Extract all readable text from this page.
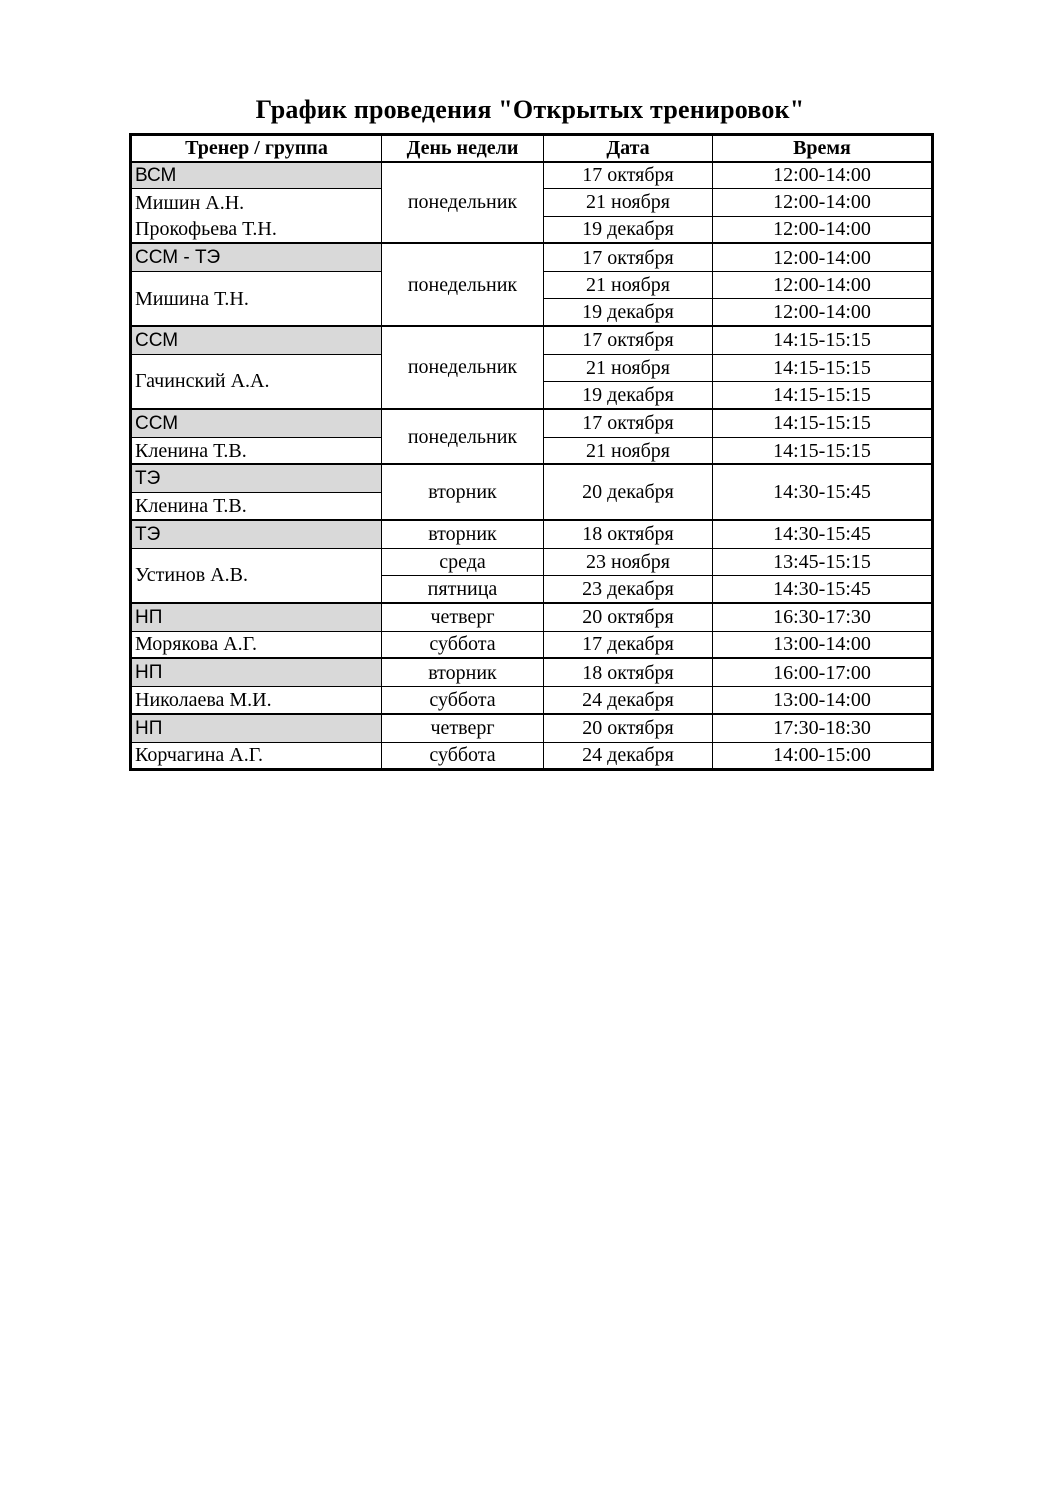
График проведения "Открытых тренировок"
Тренер / группа	День недели	Дата	Время
ВСМ	понедельник	17 октября	12:00-14:00
Мишин А.Н.		21 ноября	12:00-14:00
Прокофьева Т.Н.		19 декабря	12:00-14:00
ССМ - ТЭ	понедельник	17 октября	12:00-14:00
Мишина Т.Н.		21 ноября	12:00-14:00
		19 декабря	12:00-14:00
ССМ	понедельник	17 октября	14:15-15:15
Гачинский А.А.		21 ноября	14:15-15:15
		19 декабря	14:15-15:15
ССМ	понедельник	17 октября	14:15-15:15
Кленина Т.В.		21 ноября	14:15-15:15
ТЭ	вторник	20 декабря	14:30-15:45
Кленина Т.В.			
ТЭ	вторник	18 октября	14:30-15:45
Устинов А.В.	среда	23 ноября	13:45-15:15
	пятница	23 декабря	14:30-15:45
НП	четверг	20 октября	16:30-17:30
Морякова А.Г.	суббота	17 декабря	13:00-14:00
НП	вторник	18 октября	16:00-17:00
Николаева М.И.	суббота	24 декабря	13:00-14:00
НП	четверг	20 октября	17:30-18:30
Корчагина А.Г.	суббота	24 декабря	14:00-15:00
